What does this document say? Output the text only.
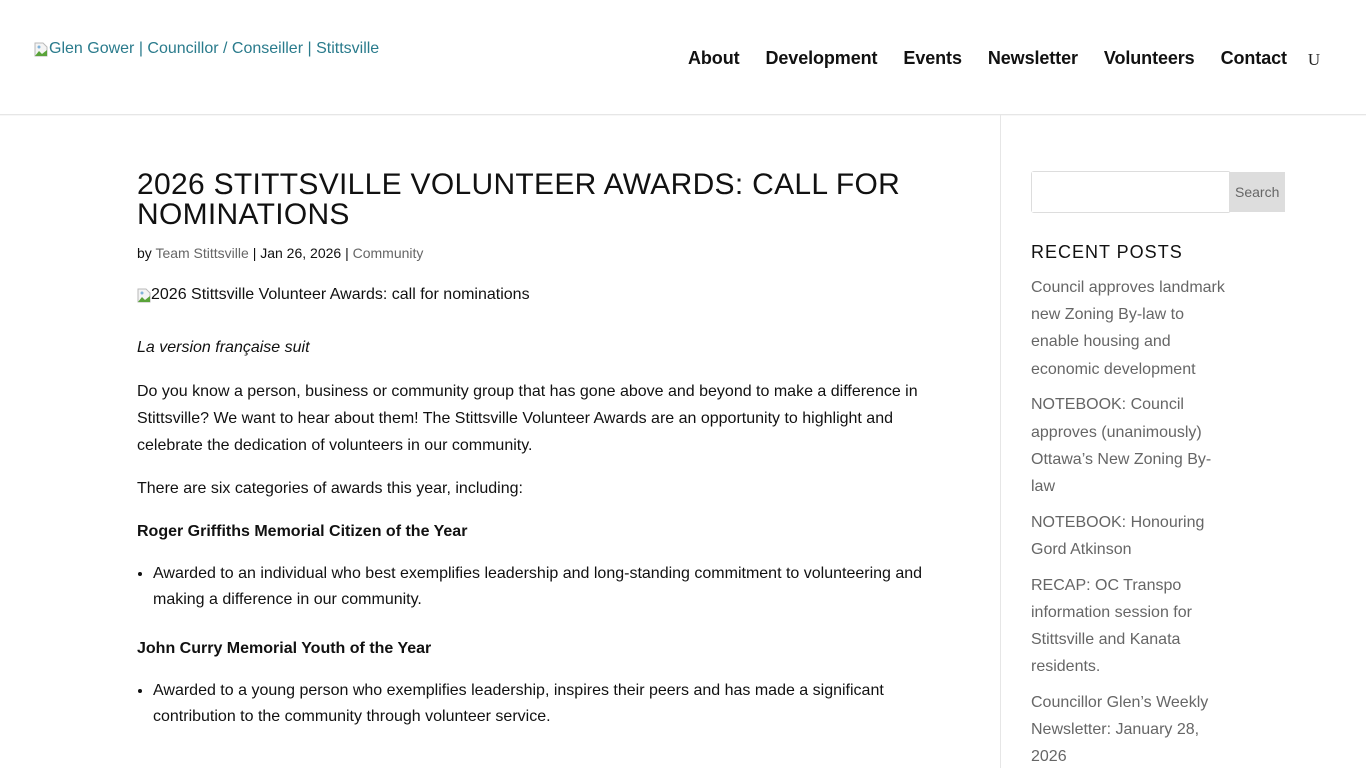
Glen Gower | Councillor / Conseiller | Stittsville	About Development Events Newsletter Volunteers Contact U
2026 STITTSVILLE VOLUNTEER AWARDS: CALL FOR NOMINATIONS
by Team Stittsville | Jan 26, 2026 | Community
2026 Stittsville Volunteer Awards: call for nominations

La version française suit

Do you know a person, business or community group that has gone above and beyond to make a difference in Stittsville? We want to hear about them! The Stittsville Volunteer Awards are an opportunity to highlight and celebrate the dedication of volunteers in our community.

There are six categories of awards this year, including:

Roger Griffiths Memorial Citizen of the Year
• Awarded to an individual who best exemplifies leadership and long-standing commitment to volunteering and making a difference in our community.
John Curry Memorial Youth of the Year
• Awarded to a young person who exemplifies leadership, inspires their peers and has made a significant contribution to the community through volunteer service.
Search
RECENT POSTS
Council approves landmark new Zoning By-law to enable housing and economic development
NOTEBOOK: Council approves (unanimously) Ottawa’s New Zoning By-law
NOTEBOOK: Honouring Gord Atkinson
RECAP: OC Transpo information session for Stittsville and Kanata residents.
Councillor Glen’s Weekly Newsletter: January 28, 2026
